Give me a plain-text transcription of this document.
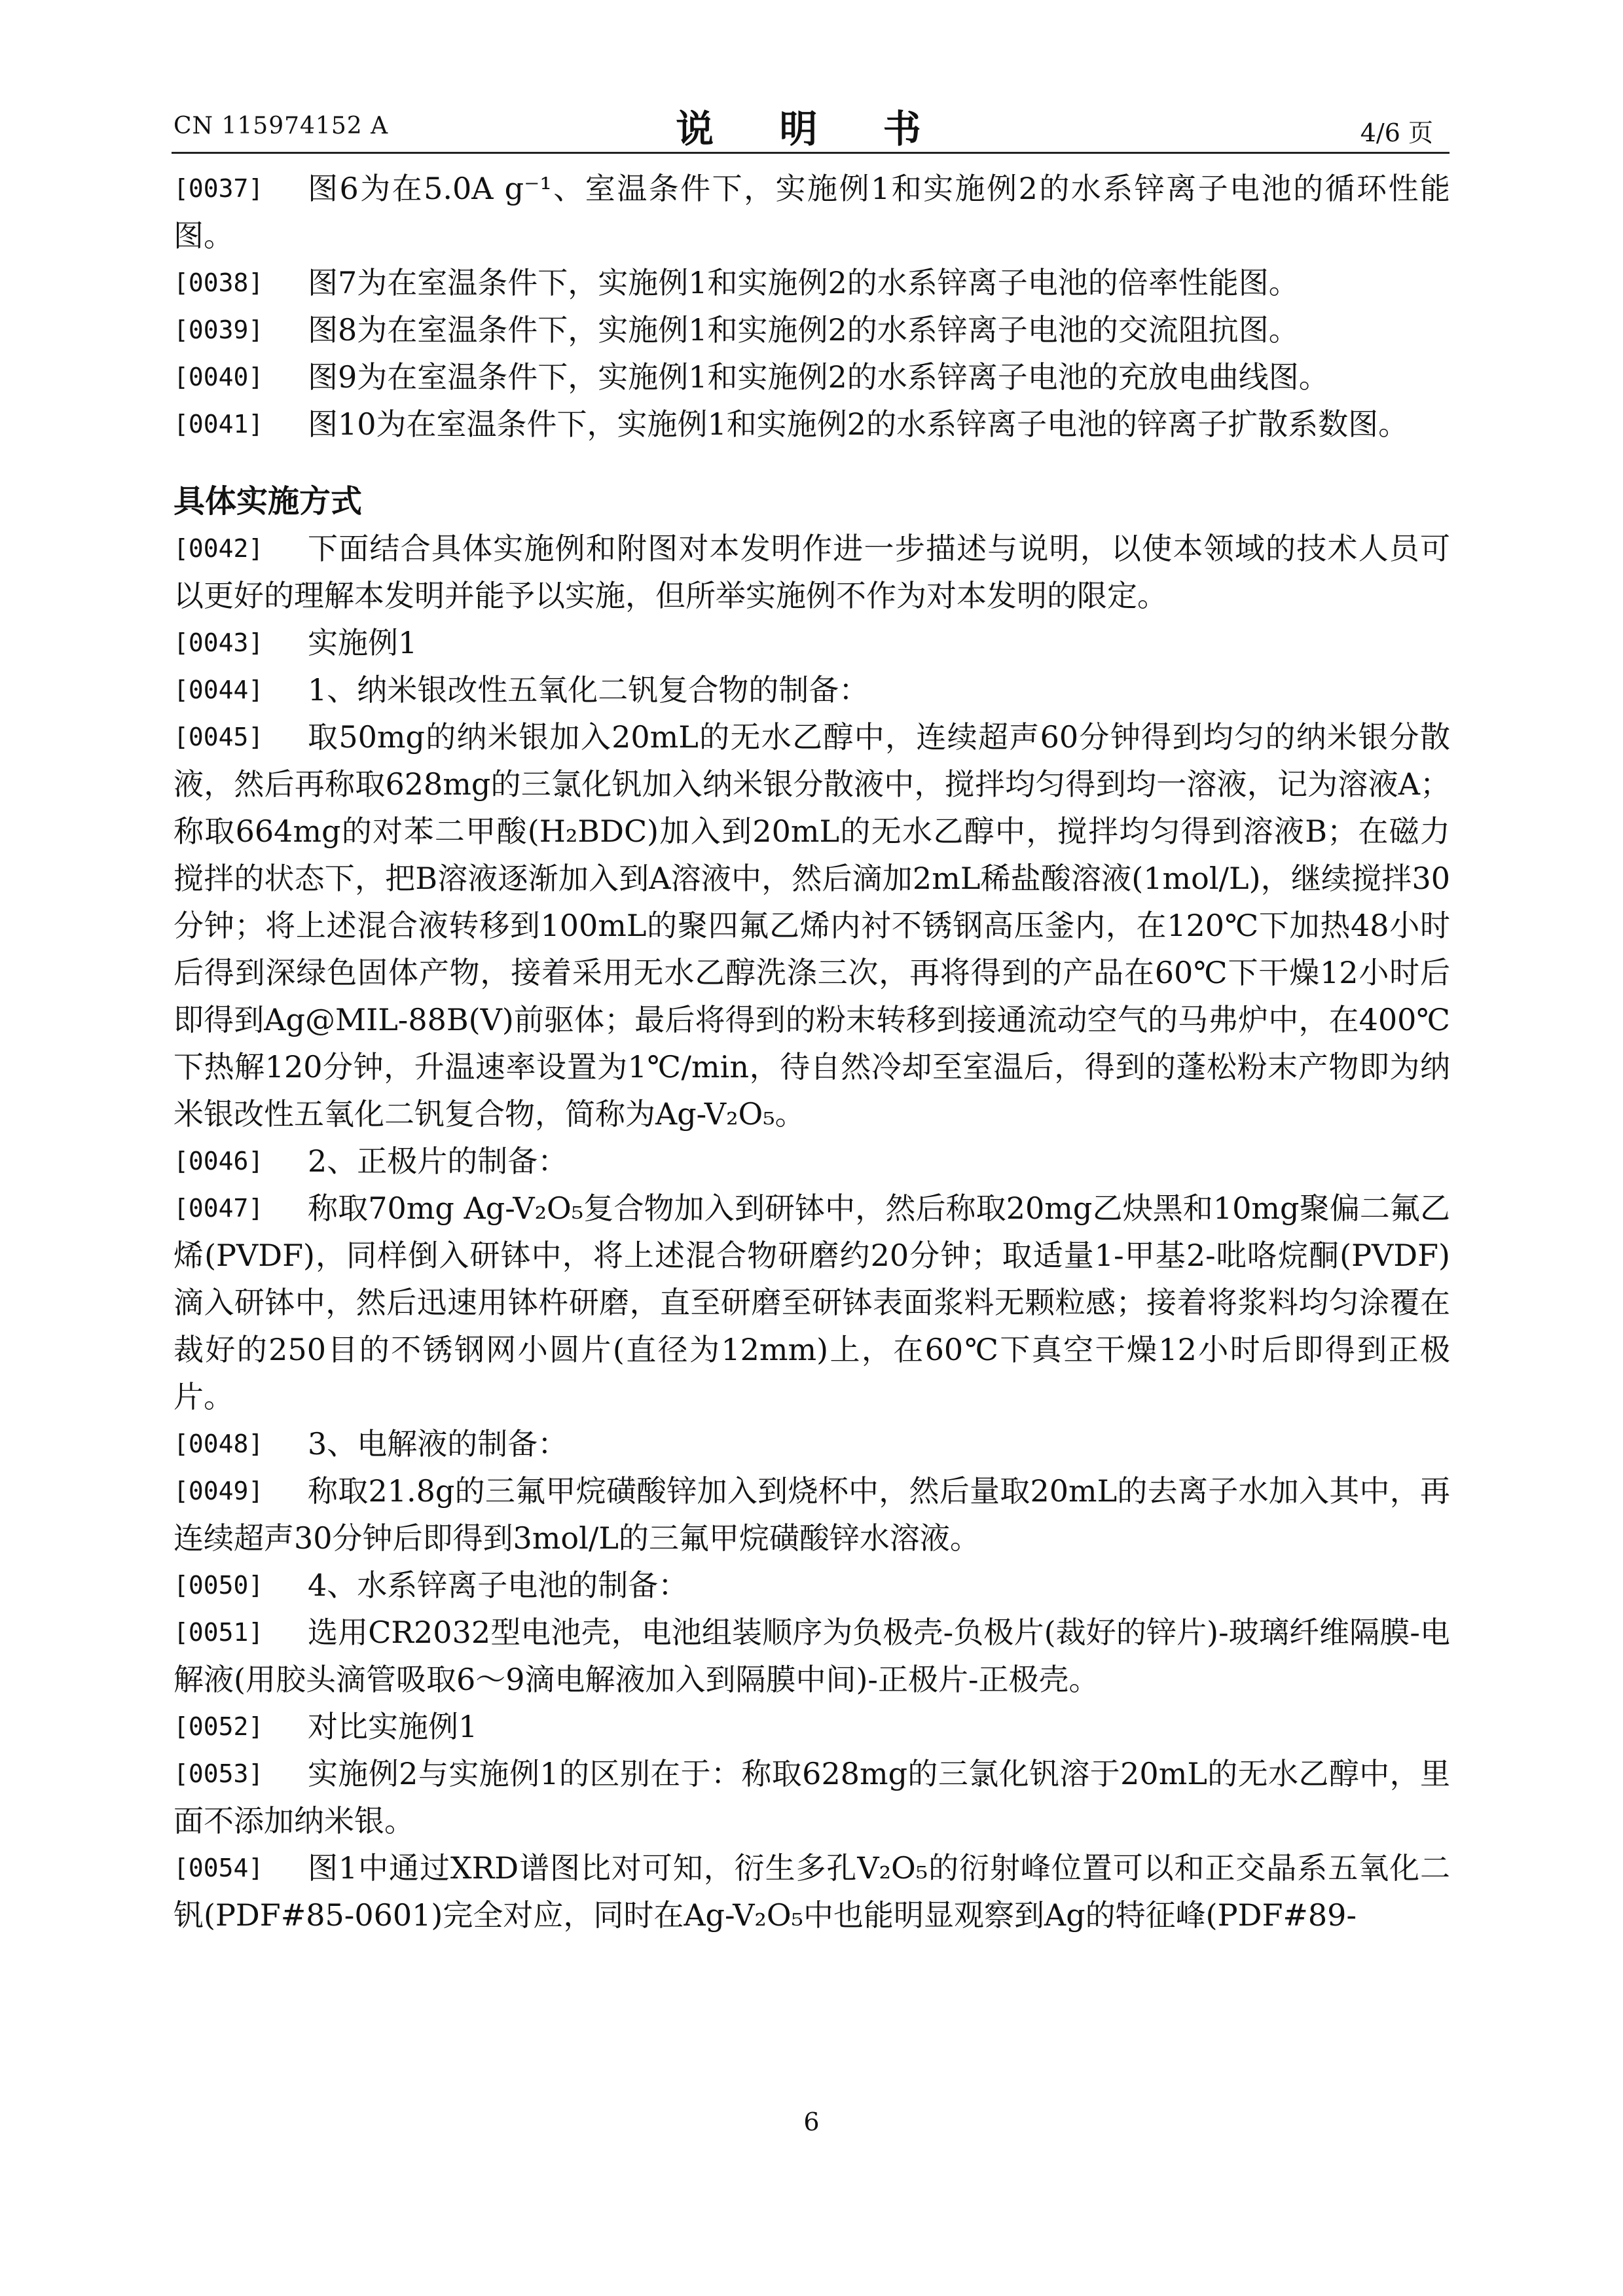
CN 115974152 A	说 明 书	4/6 页
[0037]	图6为在5.0A g⁻¹、室温条件下，实施例1和实施例2的水系锌离子电池的循环性能图。
[0038]	图7为在室温条件下，实施例1和实施例2的水系锌离子电池的倍率性能图。
[0039]	图8为在室温条件下，实施例1和实施例2的水系锌离子电池的交流阻抗图。
[0040]	图9为在室温条件下，实施例1和实施例2的水系锌离子电池的充放电曲线图。
[0041]	图10为在室温条件下，实施例1和实施例2的水系锌离子电池的锌离子扩散系数图。
具体实施方式
[0042]	下面结合具体实施例和附图对本发明作进一步描述与说明，以使本领域的技术人员可以更好的理解本发明并能予以实施，但所举实施例不作为对本发明的限定。
[0043]	实施例1
[0044]	1、纳米银改性五氧化二钒复合物的制备：
[0045]	取50mg的纳米银加入20mL的无水乙醇中，连续超声60分钟得到均匀的纳米银分散液，然后再称取628mg的三氯化钒加入纳米银分散液中，搅拌均匀得到均一溶液，记为溶液A；称取664mg的对苯二甲酸(H₂BDC)加入到20mL的无水乙醇中，搅拌均匀得到溶液B；在磁力搅拌的状态下，把B溶液逐渐加入到A溶液中，然后滴加2mL稀盐酸溶液(1mol/L)，继续搅拌30分钟；将上述混合液转移到100mL的聚四氟乙烯内衬不锈钢高压釜内，在120℃下加热48小时后得到深绿色固体产物，接着采用无水乙醇洗涤三次，再将得到的产品在60℃下干燥12小时后即得到Ag@MIL-88B(V)前驱体；最后将得到的粉末转移到接通流动空气的马弗炉中，在400℃下热解120分钟，升温速率设置为1℃/min，待自然冷却至室温后，得到的蓬松粉末产物即为纳米银改性五氧化二钒复合物，简称为Ag-V₂O₅。
[0046]	2、正极片的制备：
[0047]	称取70mg Ag-V₂O₅复合物加入到研钵中，然后称取20mg乙炔黑和10mg聚偏二氟乙烯(PVDF)，同样倒入研钵中，将上述混合物研磨约20分钟；取适量1-甲基2-吡咯烷酮(PVDF)滴入研钵中，然后迅速用钵杵研磨，直至研磨至研钵表面浆料无颗粒感；接着将浆料均匀涂覆在裁好的250目的不锈钢网小圆片(直径为12mm)上，在60℃下真空干燥12小时后即得到正极片。
[0048]	3、电解液的制备：
[0049]	称取21.8g的三氟甲烷磺酸锌加入到烧杯中，然后量取20mL的去离子水加入其中，再连续超声30分钟后即得到3mol/L的三氟甲烷磺酸锌水溶液。
[0050]	4、水系锌离子电池的制备：
[0051]	选用CR2032型电池壳，电池组装顺序为负极壳-负极片(裁好的锌片)-玻璃纤维隔膜-电解液(用胶头滴管吸取6～9滴电解液加入到隔膜中间)-正极片-正极壳。
[0052]	对比实施例1
[0053]	实施例2与实施例1的区别在于：称取628mg的三氯化钒溶于20mL的无水乙醇中，里面不添加纳米银。
[0054]	图1中通过XRD谱图比对可知，衍生多孔V₂O₅的衍射峰位置可以和正交晶系五氧化二钒(PDF#85-0601)完全对应，同时在Ag-V₂O₅中也能明显观察到Ag的特征峰(PDF#89-
6
